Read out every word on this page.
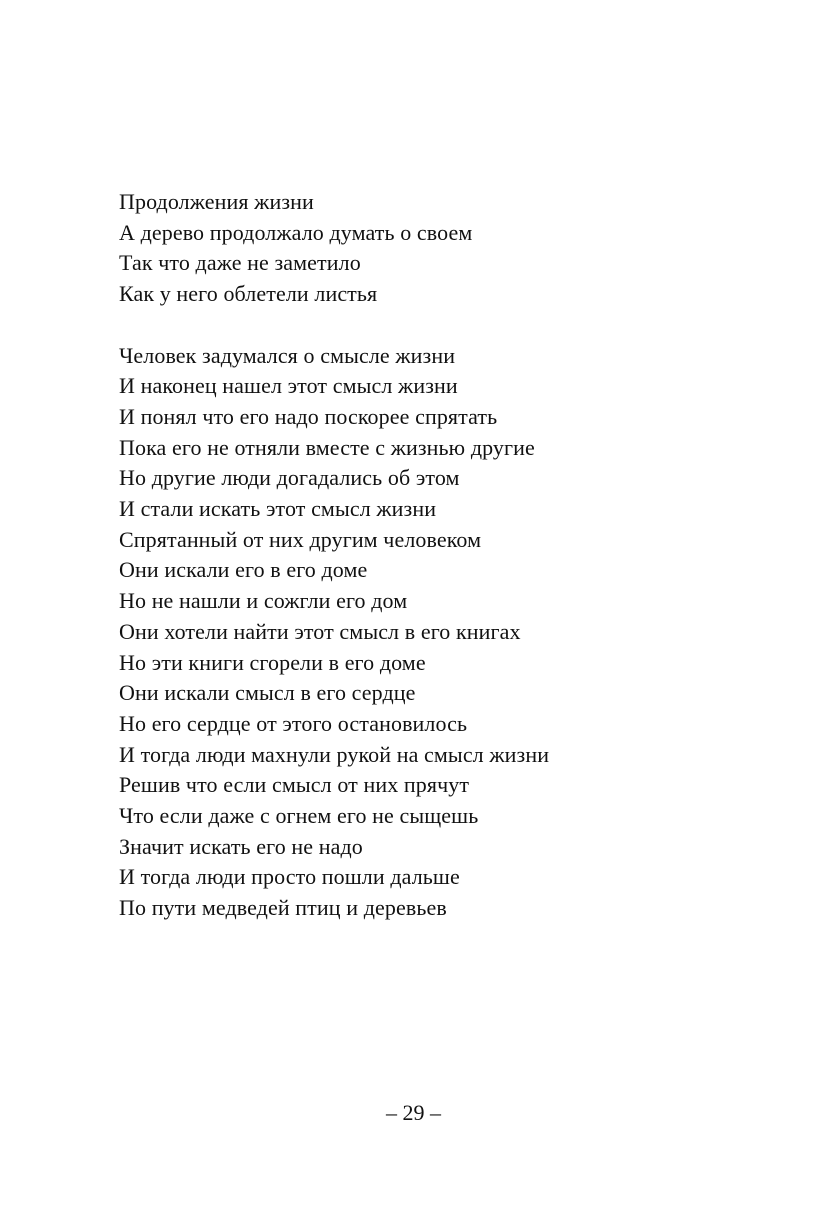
Продолжения жизни
А дерево продолжало думать о своем
Так что даже не заметило
Как у него облетели листья
Человек задумался о смысле жизни
И наконец нашел этот смысл жизни
И понял что его надо поскорее спрятать
Пока его не отняли вместе с жизнью другие
Но другие люди догадались об этом
И стали искать этот смысл жизни
Спрятанный от них другим человеком
Они искали его в его доме
Но не нашли и сожгли его дом
Они хотели найти этот смысл в его книгах
Но эти книги сгорели в его доме
Они искали смысл в его сердце
Но его сердце от этого остановилось
И тогда люди махнули рукой на смысл жизни
Решив что если смысл от них прячут
Что если даже с огнем его не сыщешь
Значит искать его не надо
И тогда люди просто пошли дальше
По пути медведей птиц и деревьев
– 29 –
